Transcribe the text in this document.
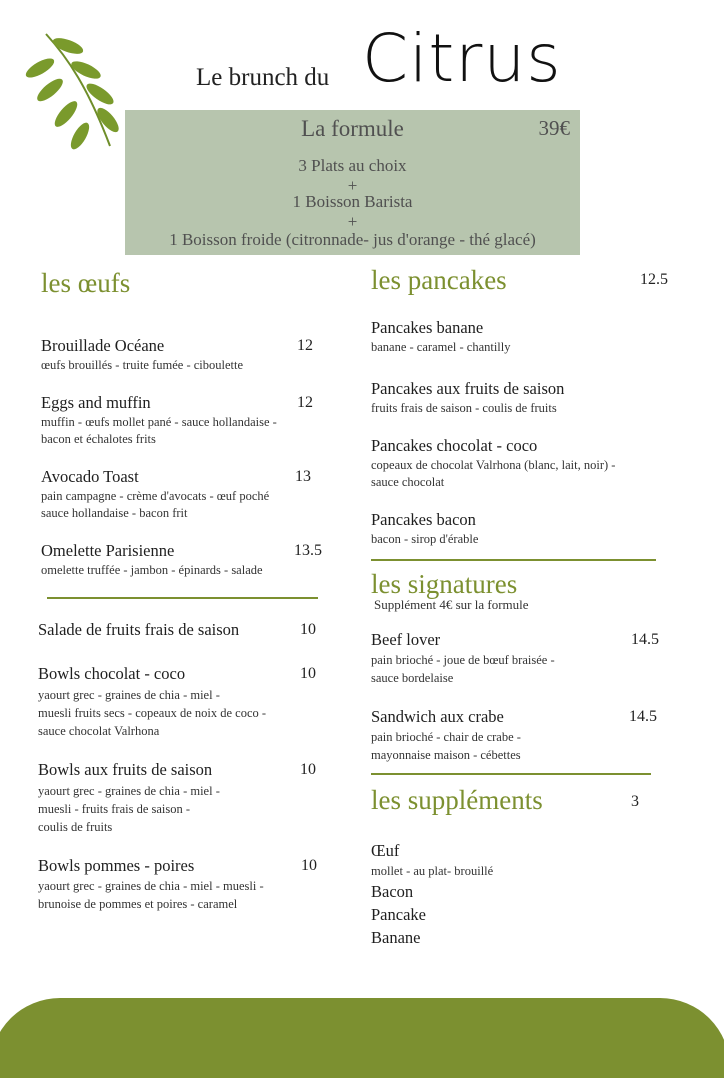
Le brunch du Citrus
La formule	39€
3 Plats au choix
+
1 Boisson Barista
+
1 Boisson froide (citronnade- jus d'orange - thé glacé)
les œufs
Brouillade Océane	12
œufs brouillés - truite fumée - ciboulette
Eggs and muffin	12
muffin - œufs mollet pané - sauce hollandaise -
bacon et échalotes frits
Avocado Toast	13
pain campagne - crème d'avocats - œuf poché
sauce hollandaise - bacon frit
Omelette Parisienne	13.5
omelette truffée - jambon - épinards - salade
Salade de fruits frais de saison	10
Bowls chocolat - coco	10
yaourt grec - graines de chia - miel -
muesli fruits secs - copeaux de noix de coco -
sauce chocolat Valrhona
Bowls aux fruits de saison	10
yaourt grec - graines de chia - miel -
muesli - fruits frais de saison -
coulis de fruits
Bowls pommes - poires	10
yaourt grec - graines de chia - miel - muesli -
brunoise de pommes et poires - caramel
les pancakes	12.5
Pancakes banane
banane - caramel - chantilly
Pancakes aux fruits de saison
fruits frais de saison - coulis de fruits
Pancakes chocolat - coco
copeaux de chocolat Valrhona (blanc, lait, noir) -
sauce chocolat
Pancakes bacon
bacon - sirop d'érable
les signatures
Supplément 4€ sur la formule
Beef lover	14.5
pain brioché - joue de bœuf braisée -
sauce bordelaise
Sandwich aux crabe	14.5
pain brioché - chair de crabe -
mayonnaise maison - cébettes
les suppléments	3
Œuf
mollet - au plat- brouillé
Bacon
Pancake
Banane
